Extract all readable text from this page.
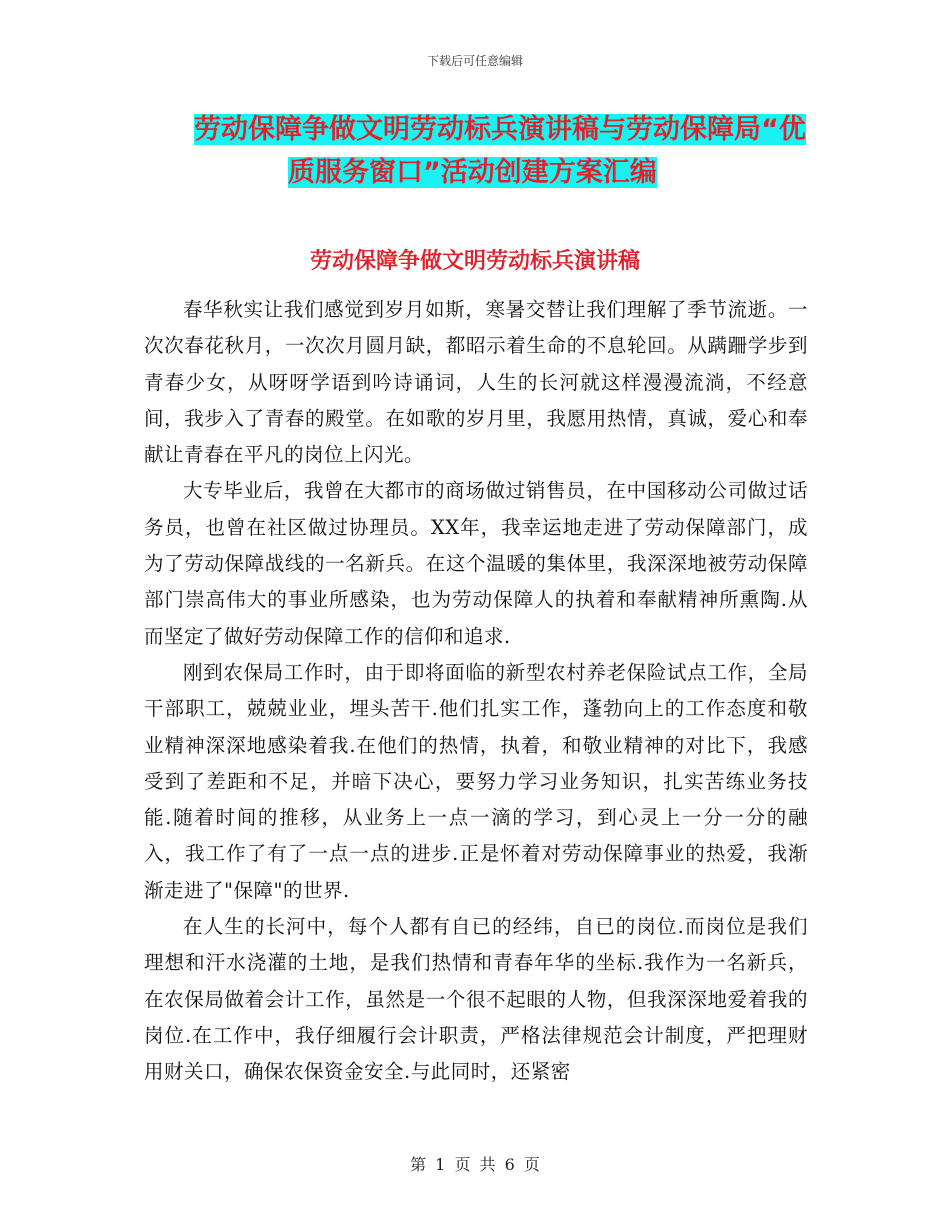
下载后可任意编辑
劳动保障争做文明劳动标兵演讲稿与劳动保障局“优
质服务窗口”活动创建方案汇编
劳动保障争做文明劳动标兵演讲稿

春华秋实让我们感觉到岁月如斯，寒暑交替让我们理解了季节流逝。一次次春花秋月，一次次月圆月缺，都昭示着生命的不息轮回。从蹒跚学步到青春少女，从呀呀学语到吟诗诵词，人生的长河就这样漫漫流淌，不经意间，我步入了青春的殿堂。在如歌的岁月里，我愿用热情，真诚，爱心和奉献让青春在平凡的岗位上闪光。

大专毕业后，我曾在大都市的商场做过销售员，在中国移动公司做过话务员，也曾在社区做过协理员。XX年，我幸运地走进了劳动保障部门，成为了劳动保障战线的一名新兵。在这个温暖的集体里，我深深地被劳动保障部门崇高伟大的事业所感染，也为劳动保障人的执着和奉献精神所熏陶.从而坚定了做好劳动保障工作的信仰和追求.

刚到农保局工作时，由于即将面临的新型农村养老保险试点工作，全局干部职工，兢兢业业，埋头苦干.他们扎实工作，蓬勃向上的工作态度和敬业精神深深地感染着我.在他们的热情，执着，和敬业精神的对比下，我感受到了差距和不足，并暗下决心，要努力学习业务知识，扎实苦练业务技能.随着时间的推移，从业务上一点一滴的学习，到心灵上一分一分的融入，我工作了有了一点一点的进步.正是怀着对劳动保障事业的热爱，我渐渐走进了"保障"的世界.

在人生的长河中，每个人都有自已的经纬，自已的岗位.而岗位是我们理想和汗水浇灌的土地，是我们热情和青春年华的坐标.我作为一名新兵，在农保局做着会计工作，虽然是一个很不起眼的人物，但我深深地爱着我的岗位.在工作中，我仔细履行会计职责，严格法律规范会计制度，严把理财用财关口，确保农保资金安全.与此同时，还紧密

第 1 页 共 6 页
